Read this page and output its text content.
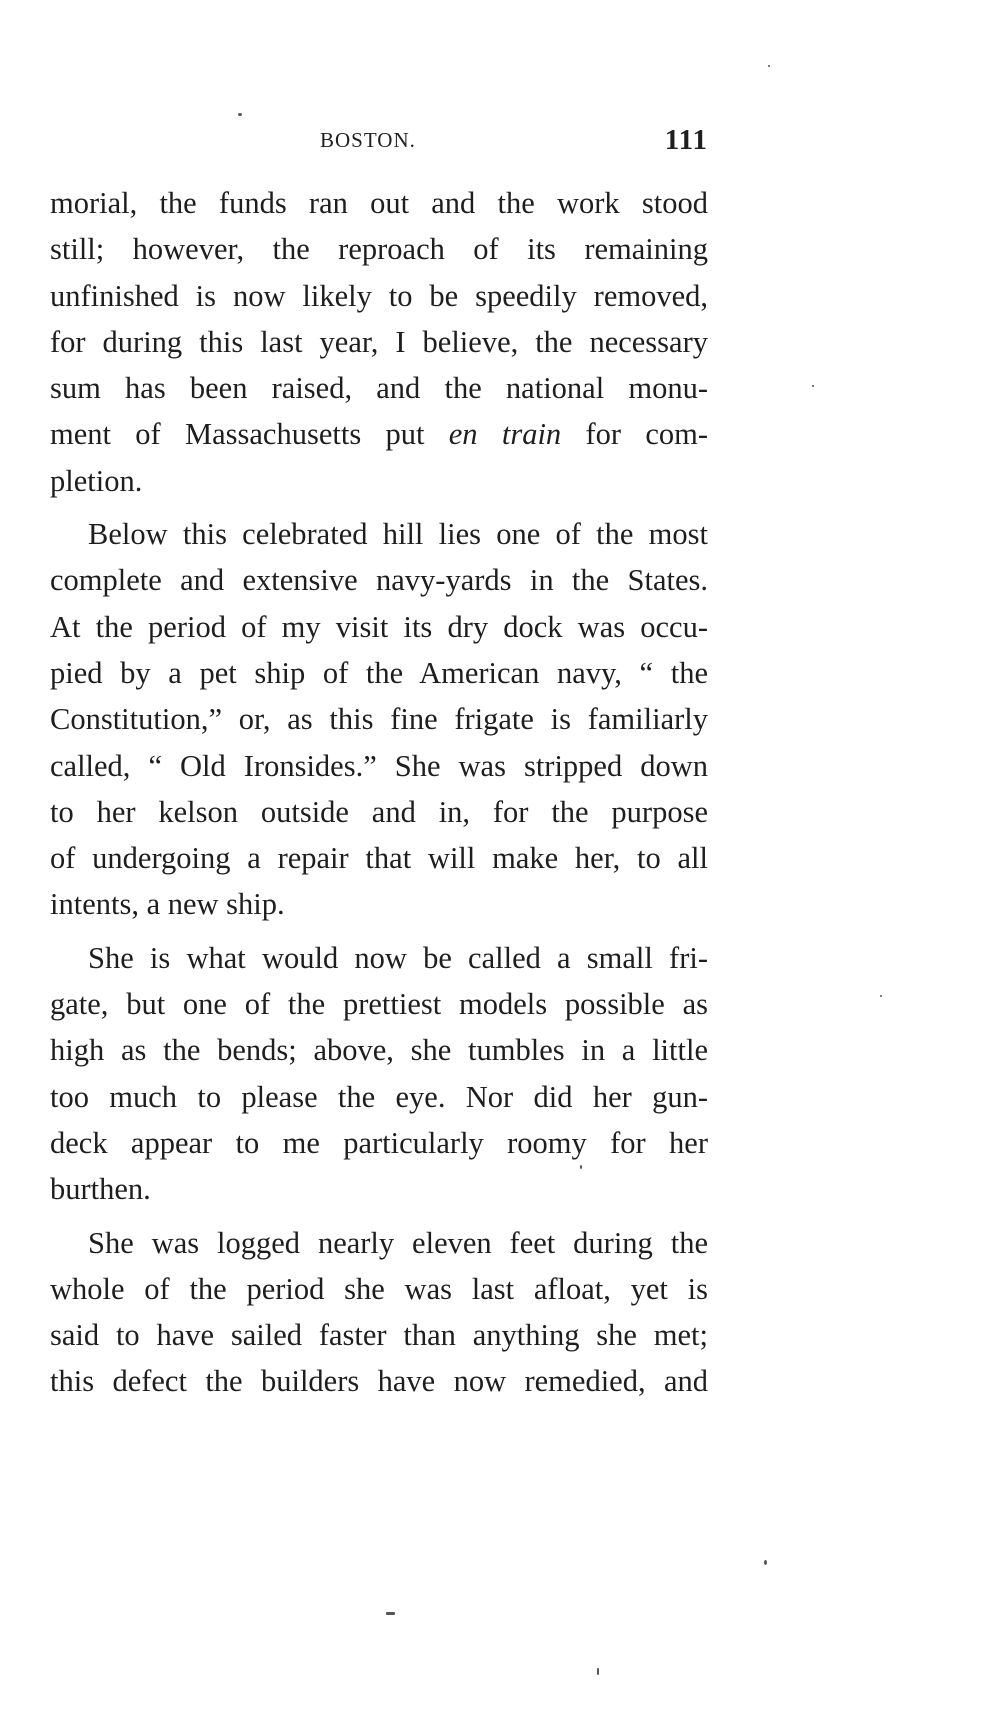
BOSTON.	111

morial, the funds ran out and the work stood
still; however, the reproach of its remaining
unfinished is now likely to be speedily removed,
for during this last year, I believe, the necessary
sum has been raised, and the national monu-
ment of Massachusetts put en train for com-
pletion.

Below this celebrated hill lies one of the most
complete and extensive navy-yards in the States.
At the period of my visit its dry dock was occu-
pied by a pet ship of the American navy, “ the
Constitution,” or, as this fine frigate is familiarly
called, “ Old Ironsides.” She was stripped down
to her kelson outside and in, for the purpose
of undergoing a repair that will make her, to all
intents, a new ship.

She is what would now be called a small fri-
gate, but one of the prettiest models possible as
high as the bends; above, she tumbles in a little
too much to please the eye. Nor did her gun-
deck appear to me particularly roomy for her
burthen.

She was logged nearly eleven feet during the
whole of the period she was last afloat, yet is
said to have sailed faster than anything she met;
this defect the builders have now remedied, and
